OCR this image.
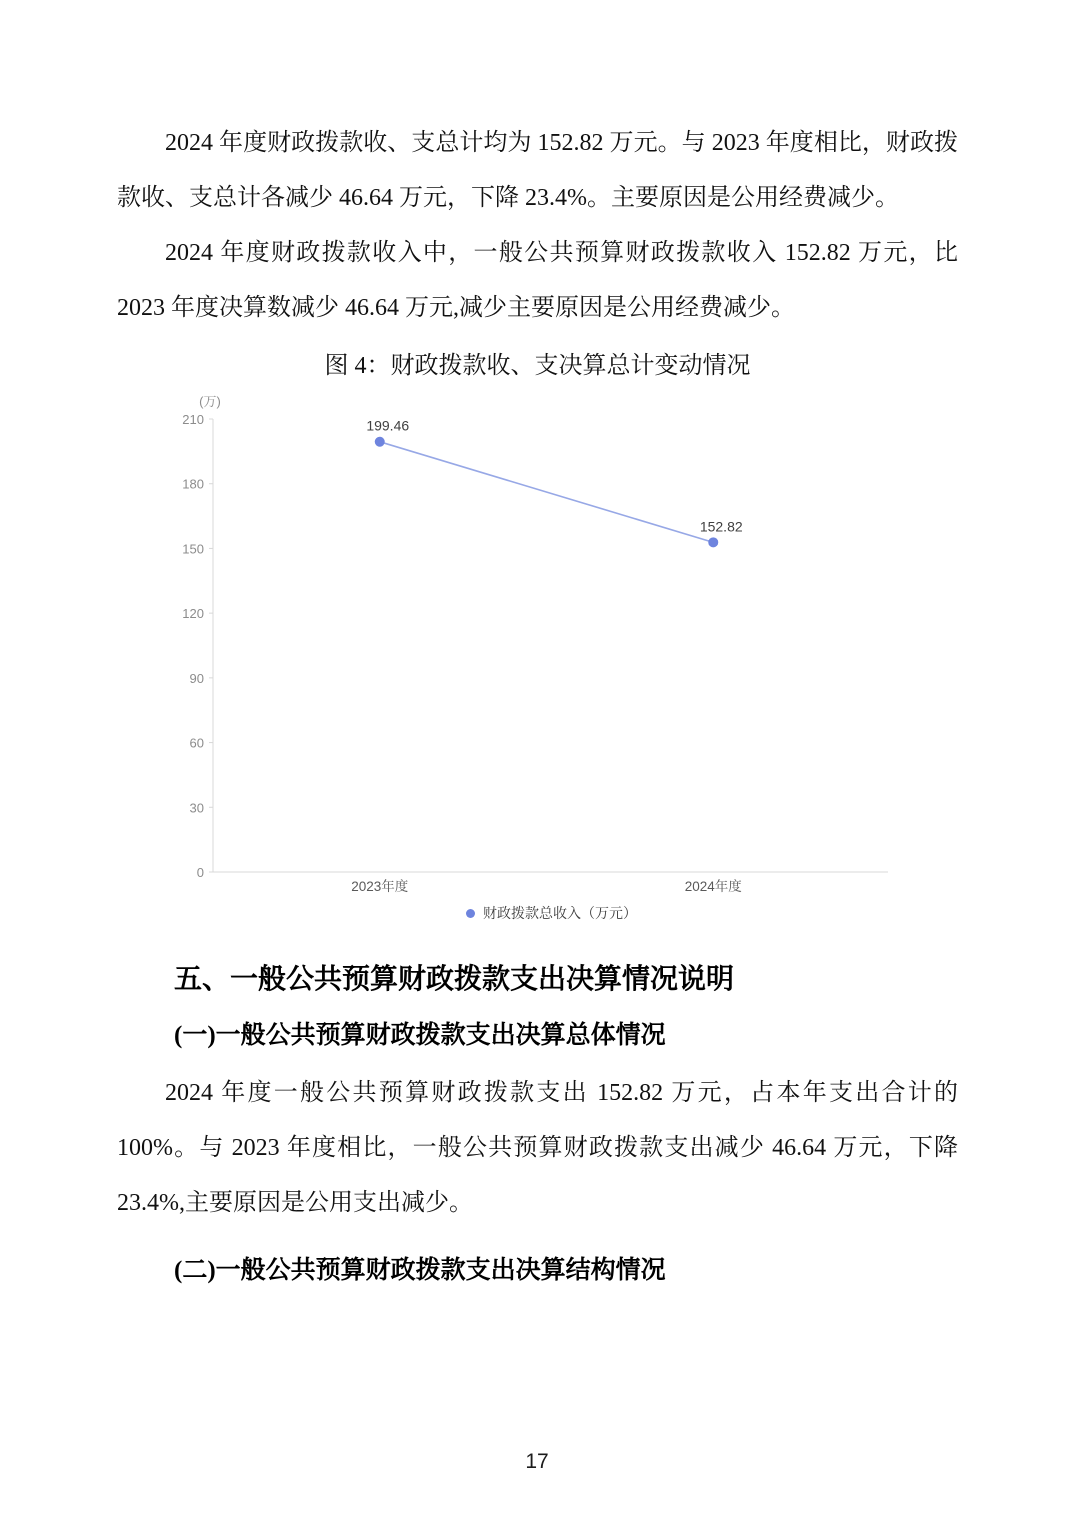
2024 年度财政拨款收、支总计均为 152.82 万元。与 2023 年度相比，财政拨款收、支总计各减少 46.64 万元，下降 23.4%。主要原因是公用经费减少。

2024 年度财政拨款收入中，一般公共预算财政拨款收入 152.82 万元，比 2023 年度决算数减少 46.64 万元,减少主要原因是公用经费减少。

图 4：财政拨款收、支决算总计变动情况

(万)
0
30
60
90
120
150
180
210
2023年度	2024年度
199.46
152.82
财政拨款总收入（万元）
五、一般公共预算财政拨款支出决算情况说明
(一)一般公共预算财政拨款支出决算总体情况

2024 年度一般公共预算财政拨款支出 152.82 万元，占本年支出合计的 100%。与 2023 年度相比，一般公共预算财政拨款支出减少 46.64 万元，下降 23.4%,主要原因是公用支出减少。

(二)一般公共预算财政拨款支出决算结构情况
17
